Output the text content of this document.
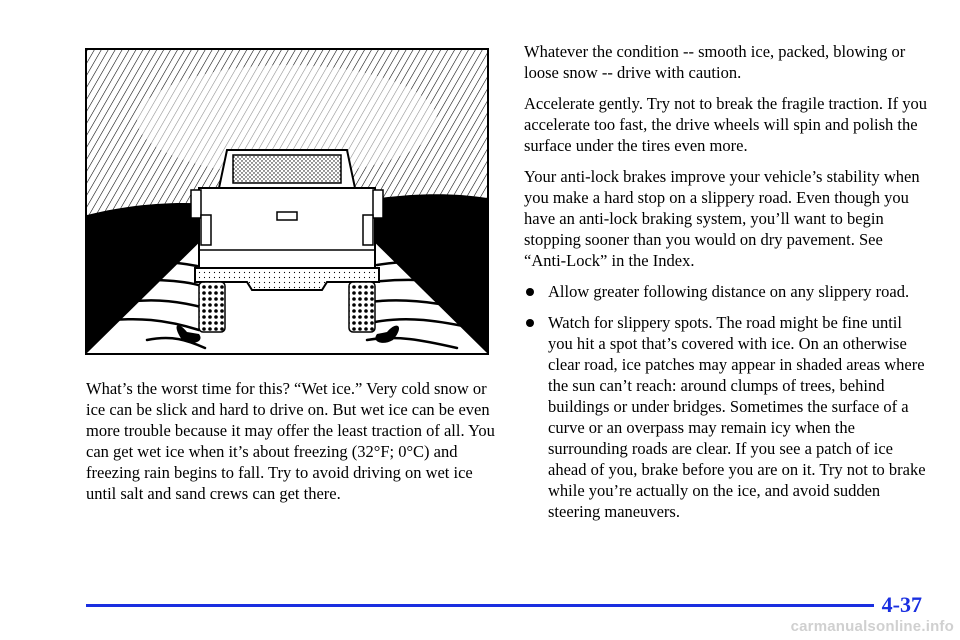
What’s the worst time for this? “Wet ice.” Very cold snow or ice can be slick and hard to drive on. But wet ice can be even more trouble because it may offer the least traction of all. You can get wet ice when it’s about freezing (32°F; 0°C) and freezing rain begins to fall. Try to avoid driving on wet ice until salt and sand crews can get there.

Whatever the condition -- smooth ice, packed, blowing or loose snow -- drive with caution.

Accelerate gently. Try not to break the fragile traction. If you accelerate too fast, the drive wheels will spin and polish the surface under the tires even more.

Your anti-lock brakes improve your vehicle’s stability when you make a hard stop on a slippery road. Even though you have an anti-lock braking system, you’ll want to begin stopping sooner than you would on dry pavement. See “Anti-Lock” in the Index.

Allow greater following distance on any slippery road.
Watch for slippery spots. The road might be fine until you hit a spot that’s covered with ice. On an otherwise clear road, ice patches may appear in shaded areas where the sun can’t reach: around clumps of trees, behind buildings or under bridges. Sometimes the surface of a curve or an overpass may remain icy when the surrounding roads are clear. If you see a patch of ice ahead of you, brake before you are on it. Try not to brake while you’re actually on the ice, and avoid sudden steering maneuvers.
4-37
carmanualsonline.info
